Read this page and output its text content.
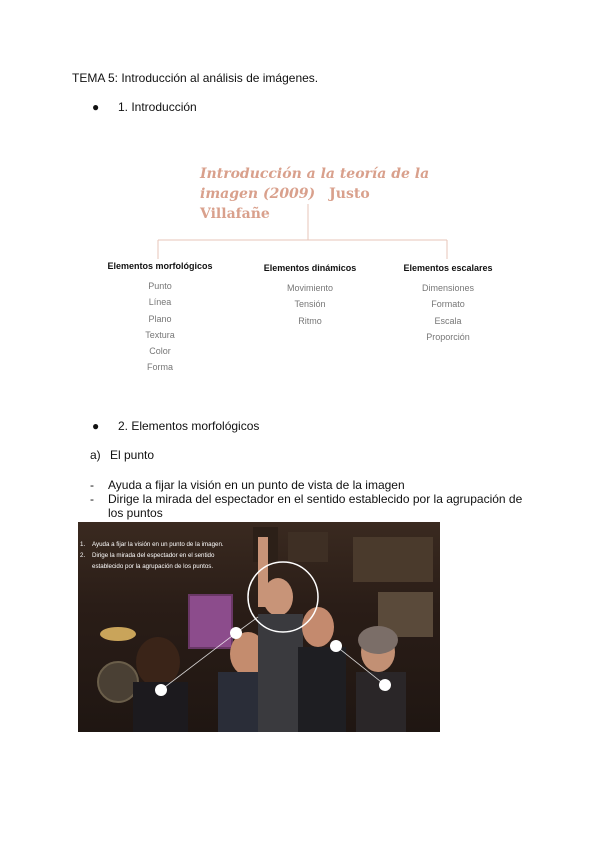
TEMA 5: Introducción al análisis de imágenes.
● 1. Introducción
Introducción a la teoría de la imagen (2009) Justo Villafañe
Elementos morfológicos
Punto
Línea
Plano
Textura
Color
Forma
Elementos dinámicos
Movimiento
Tensión
Ritmo
Elementos escalares
Dimensiones
Formato
Escala
Proporción
● 2. Elementos morfológicos
a) El punto
-	Ayuda a fijar la visión en un punto de vista de la imagen
-	Dirige la mirada del espectador en el sentido establecido por la agrupación de los puntos
1.	Ayuda a fijar la visión en un punto de la imagen.
2.	Dirige la mirada del espectador en el sentido establecido por la agrupación de los puntos.
